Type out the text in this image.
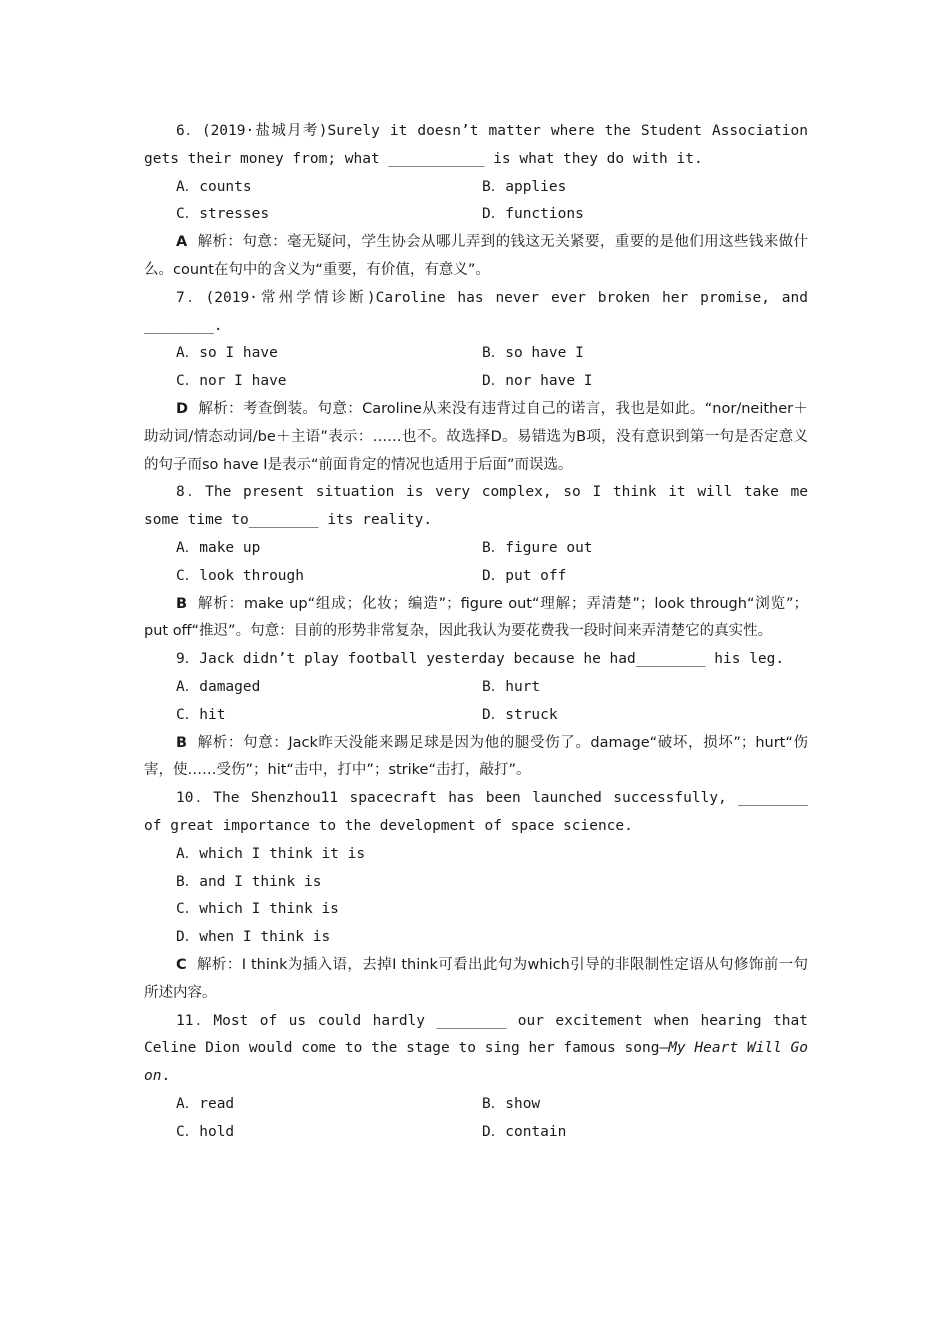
6．(2019·盐城月考)Surely it doesn’t matter where the Student Association gets their money from; what ___________ is what they do with it.

A．counts	B．applies
C．stresses	D．functions

A 解析：句意：毫无疑问，学生协会从哪儿弄到的钱这无关紧要，重要的是他们用这些钱来做什么。count在句中的含义为“重要，有价值，有意义”。

7．(2019·常州学情诊断)Caroline has never ever broken her promise, and ________.

A．so I have	B．so have I
C．nor I have	D．nor have I

D 解析：考查倒装。句意：Caroline从来没有违背过自己的诺言，我也是如此。“nor/neither＋助动词/情态动词/be＋主语”表示：……也不。故选择D。易错选为B项，没有意识到第一句是否定意义的句子而so have I是表示“前面肯定的情况也适用于后面”而误选。

8．The present situation is very complex, so I think it will take me some time to________ its reality.

A．make up	B．figure out
C．look through	D．put off

B 解析：make up“组成；化妆；编造”；figure out“理解；弄清楚”；look through“浏览”；put off“推迟”。句意：目前的形势非常复杂，因此我认为要花费我一段时间来弄清楚它的真实性。

9．Jack didn’t play football yesterday because he had________ his leg.

A．damaged	B．hurt
C．hit	D．struck

B 解析：句意：Jack昨天没能来踢足球是因为他的腿受伤了。damage“破坏，损坏”；hurt“伤害，使……受伤”；hit“击中，打中”；strike“击打，敲打”。

10．The Shenzhou11 spacecraft has been launched successfully, ________ of great importance to the development of space science.

A．which I think it is
B．and I think is
C．which I think is
D．when I think is

C 解析：I think为插入语，去掉I think可看出此句为which引导的非限制性定语从句修饰前一句所述内容。

11．Most of us could hardly ________ our excitement when hearing that Celine Dion would come to the stage to sing her famous song—My Heart Will Go on.

A．read	B．show
C．hold	D．contain
